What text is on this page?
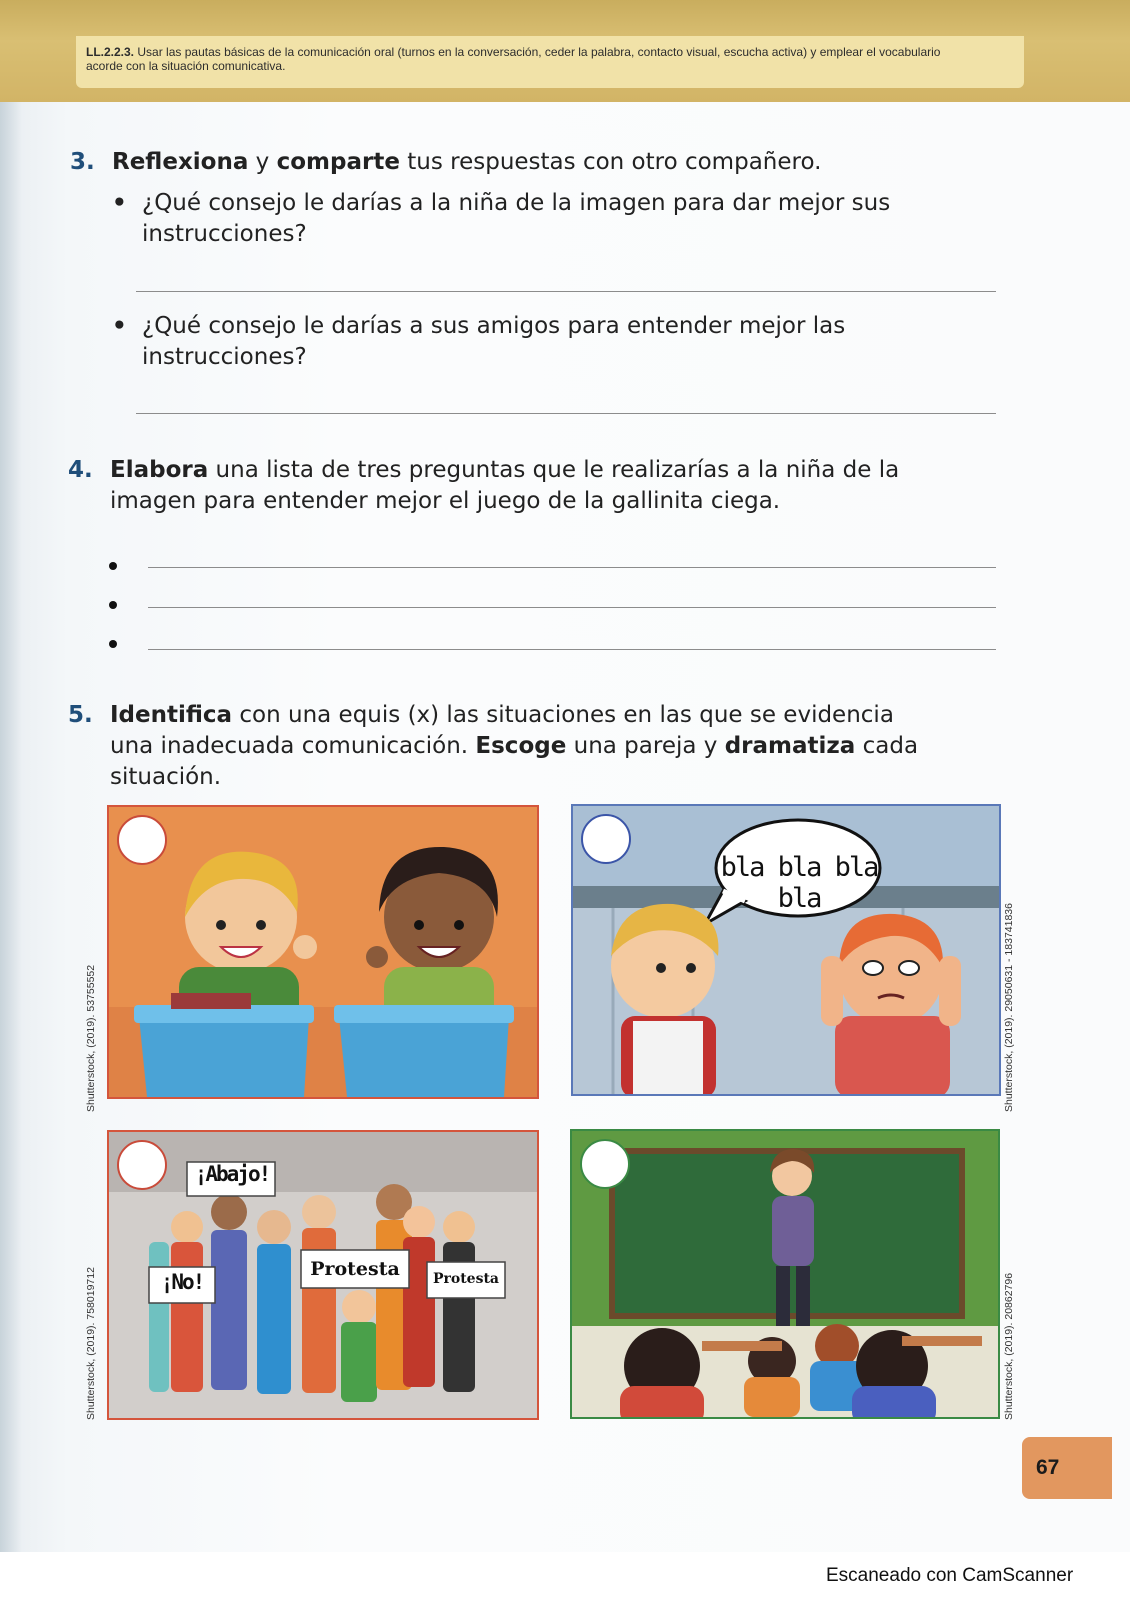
LL.2.2.3. Usar las pautas básicas de la comunicación oral (turnos en la conversación, ceder la palabra, contacto visual, escucha activa) y emplear el vocabulario
acorde con la situación comunicativa.
3. Reflexiona y comparte tus respuestas con otro compañero.
• ¿Qué consejo le darías a la niña de la imagen para dar mejor sus
instrucciones?
• ¿Qué consejo le darías a sus amigos para entender mejor las
instrucciones?
4. Elabora una lista de tres preguntas que le realizarías a la niña de la
imagen para entender mejor el juego de la gallinita ciega.
5. Identifica con una equis (x) las situaciones en las que se evidencia
una inadecuada comunicación. Escoge una pareja y dramatiza cada
situación.
Shutterstock, (2019). 53755552
bla bla bla bla
Shutterstock, (2019). 29050631 - 183741836
¡Abajo!
¡No!
Protesta	Protesta
Shutterstock, (2019). 758019712	Shutterstock, (2019). 20862796
67
Escaneado con CamScanner
